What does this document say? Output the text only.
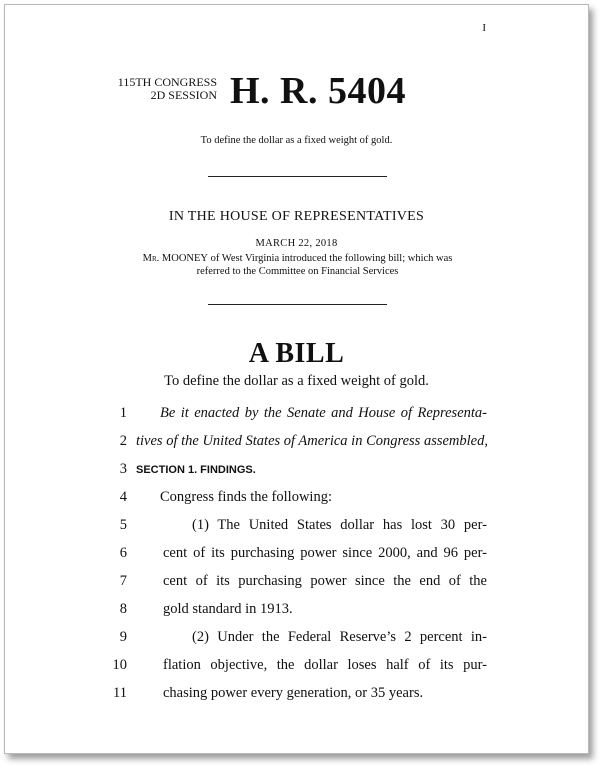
I
115TH CONGRESS
2D SESSION H. R. 5404
To define the dollar as a fixed weight of gold.
IN THE HOUSE OF REPRESENTATIVES
MARCH 22, 2018
Mr. MOONEY of West Virginia introduced the following bill; which was
referred to the Committee on Financial Services
A BILL
To define the dollar as a fixed weight of gold.
1 Be it enacted by the Senate and House of Representa-
2 tives of the United States of America in Congress assembled,
3 SECTION 1. FINDINGS.
4 Congress finds the following:
5	(1) The United States dollar has lost 30 per-
6 cent of its purchasing power since 2000, and 96 per-
7 cent of its purchasing power since the end of the
8 gold standard in 1913.
9	(2) Under the Federal Reserve’s 2 percent in-
10 flation objective, the dollar loses half of its pur-
11 chasing power every generation, or 35 years.
